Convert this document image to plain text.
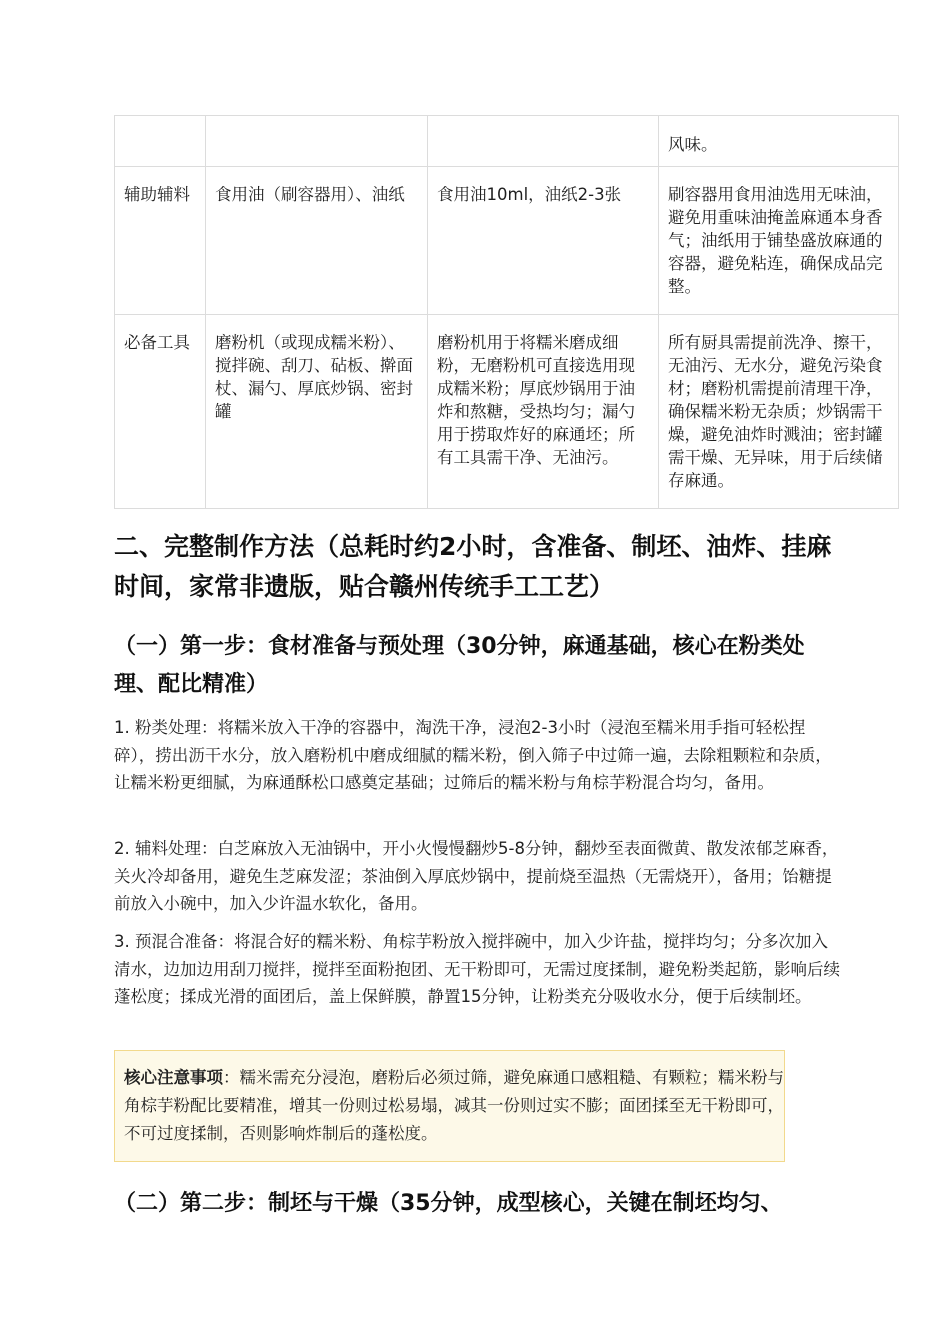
			风味。
辅助辅料	食用油（刷容器用）、油纸	食用油10ml，油纸2-3张	刷容器用食用油选用无味油，避免用重味油掩盖麻通本身香气；油纸用于铺垫盛放麻通的容器，避免粘连，确保成品完整。
必备工具	磨粉机（或现成糯米粉）、搅拌碗、刮刀、砧板、擀面杖、漏勺、厚底炒锅、密封罐	磨粉机用于将糯米磨成细粉，无磨粉机可直接选用现成糯米粉；厚底炒锅用于油炸和熬糖，受热均匀；漏勺用于捞取炸好的麻通坯；所有工具需干净、无油污。	所有厨具需提前洗净、擦干，无油污、无水分，避免污染食材；磨粉机需提前清理干净，确保糯米粉无杂质；炒锅需干燥，避免油炸时溅油；密封罐需干燥、无异味，用于后续储存麻通。
二、完整制作方法（总耗时约2小时，含准备、制坯、油炸、挂麻时间，家常非遗版，贴合赣州传统手工工艺）
（一）第一步：食材准备与预处理（30分钟，麻通基础，核心在粉类处理、配比精准）

1. 粉类处理：将糯米放入干净的容器中，淘洗干净，浸泡2-3小时（浸泡至糯米用手指可轻松捏碎），捞出沥干水分，放入磨粉机中磨成细腻的糯米粉，倒入筛子中过筛一遍，去除粗颗粒和杂质，让糯米粉更细腻，为麻通酥松口感奠定基础；过筛后的糯米粉与角棕芋粉混合均匀，备用。

2. 辅料处理：白芝麻放入无油锅中，开小火慢慢翻炒5-8分钟，翻炒至表面微黄、散发浓郁芝麻香，关火冷却备用，避免生芝麻发涩；茶油倒入厚底炒锅中，提前烧至温热（无需烧开），备用；饴糖提前放入小碗中，加入少许温水软化，备用。

3. 预混合准备：将混合好的糯米粉、角棕芋粉放入搅拌碗中，加入少许盐，搅拌均匀；分多次加入清水，边加边用刮刀搅拌，搅拌至面粉抱团、无干粉即可，无需过度揉制，避免粉类起筋，影响后续蓬松度；揉成光滑的面团后，盖上保鲜膜，静置15分钟，让粉类充分吸收水分，便于后续制坯。

核心注意事项：糯米需充分浸泡，磨粉后必须过筛，避免麻通口感粗糙、有颗粒；糯米粉与角棕芋粉配比要精准，增其一份则过松易塌，减其一份则过实不膨；面团揉至无干粉即可，不可过度揉制，否则影响炸制后的蓬松度。
（二）第二步：制坯与干燥（35分钟，成型核心，关键在制坯均匀、
